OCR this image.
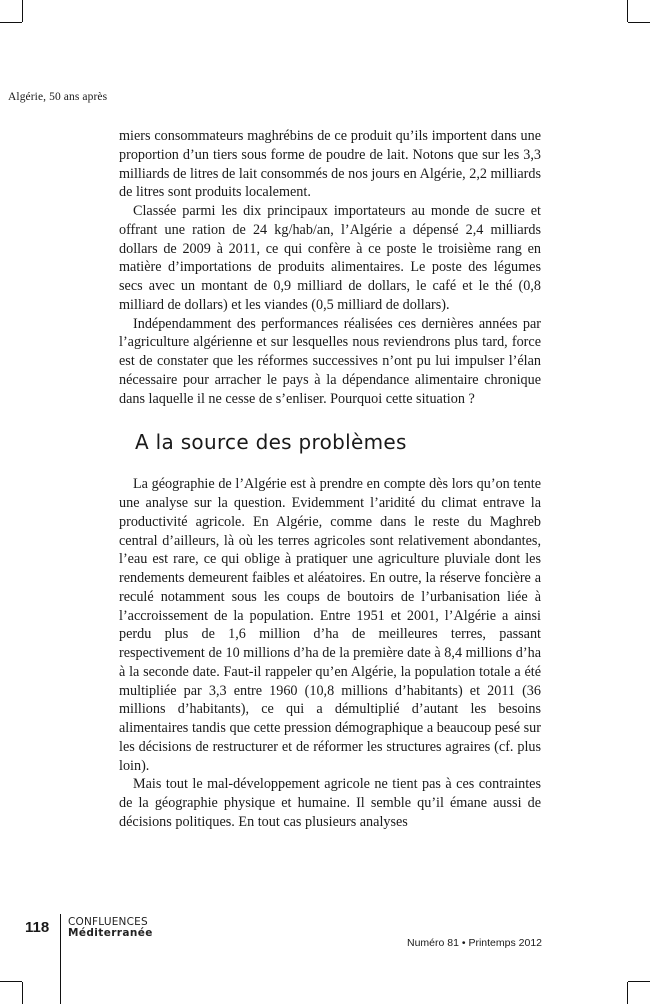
Algérie, 50 ans après

miers consommateurs maghrébins de ce produit qu’ils importent dans une proportion d’un tiers sous forme de poudre de lait. Notons que sur les 3,3 milliards de litres de lait consommés de nos jours en Algérie, 2,2 milliards de litres sont produits localement.

Classée parmi les dix principaux importateurs au monde de sucre et offrant une ration de 24 kg/hab/an, l’Algérie a dépensé 2,4 milliards dollars de 2009 à 2011, ce qui confère à ce poste le troisième rang en matière d’importations de produits alimentaires. Le poste des légumes secs avec un montant de 0,9 milliard de dollars, le café et le thé (0,8 milliard de dollars) et les viandes (0,5 milliard de dollars).

Indépendamment des performances réalisées ces dernières années par l’agriculture algérienne et sur lesquelles nous reviendrons plus tard, force est de constater que les réformes successives n’ont pu lui impulser l’élan nécessaire pour arracher le pays à la dépendance alimentaire chronique dans laquelle il ne cesse de s’enliser. Pourquoi cette situation ?

A la source des problèmes

La géographie de l’Algérie est à prendre en compte dès lors qu’on tente une analyse sur la question. Evidemment l’aridité du climat entrave la productivité agricole. En Algérie, comme dans le reste du Maghreb central d’ailleurs, là où les terres agricoles sont relativement abondantes, l’eau est rare, ce qui oblige à pratiquer une agriculture pluviale dont les rendements demeurent faibles et aléatoires. En outre, la réserve foncière a reculé notamment sous les coups de boutoirs de l’urbanisation liée à l’accroissement de la population. Entre 1951 et 2001, l’Algérie a ainsi perdu plus de 1,6 million d’ha de meilleures terres, passant respectivement de 10 millions d’ha de la première date à 8,4 millions d’ha à la seconde date. Faut-il rappeler qu’en Algérie, la population totale a été multipliée par 3,3 entre 1960 (10,8 millions d’habitants) et 2011 (36 millions d’habitants), ce qui a démultiplié d’autant les besoins alimentaires tandis que cette pression démographique a beaucoup pesé sur les décisions de restructurer et de réformer les structures agraires (cf. plus loin).

Mais tout le mal-développement agricole ne tient pas à ces contraintes de la géographie physique et humaine. Il semble qu’il émane aussi de décisions politiques. En tout cas plusieurs analyses

118 CONFLUENCES
Méditerranée
Numéro 81 • Printemps 2012
